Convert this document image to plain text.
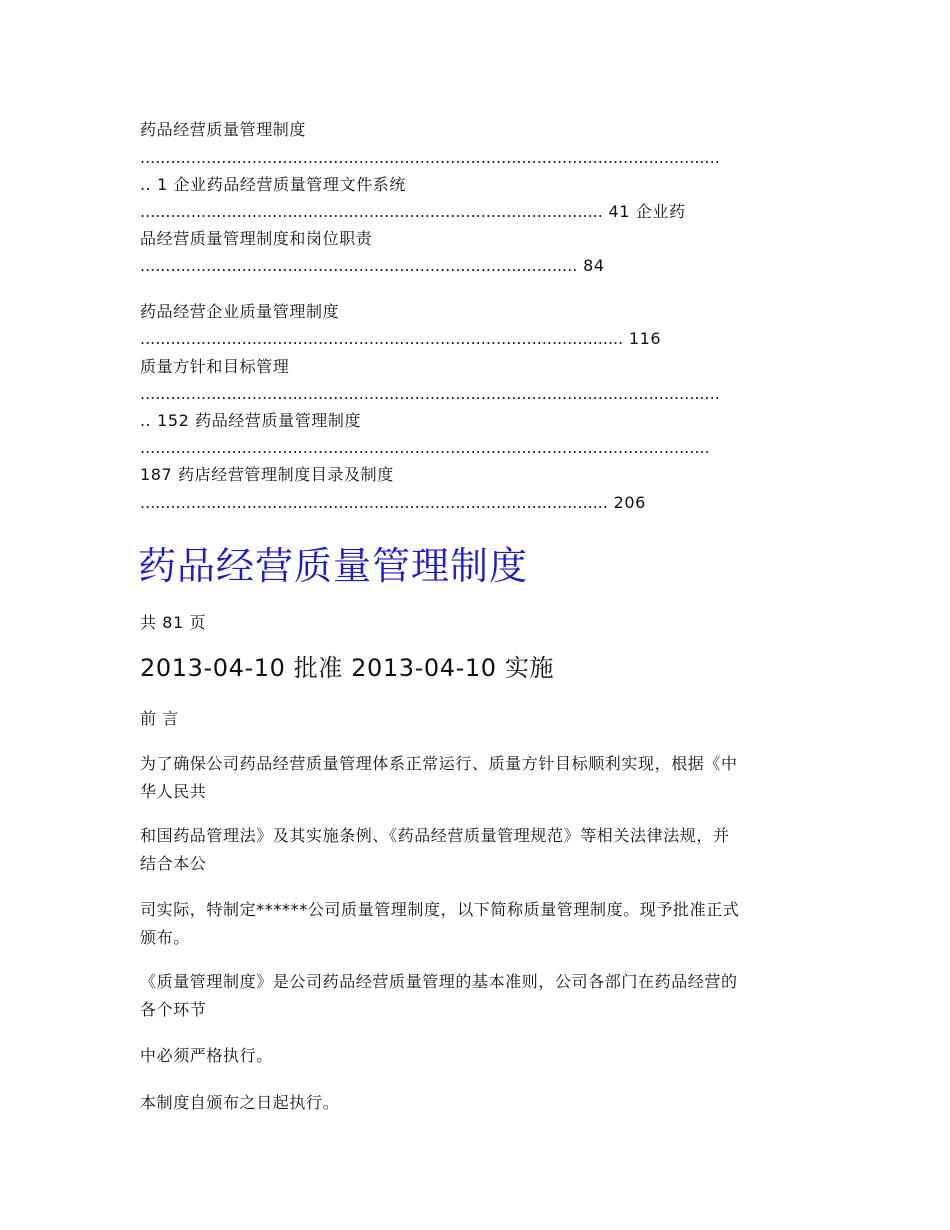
药品经营质量管理制度
..................................................................................................................
.. 1 企业药品经营质量管理文件系统
........................................................................................... 41 企业药
品经营质量管理制度和岗位职责
...................................................................................... 84
药品经营企业质量管理制度
............................................................................................... 116
质量方针和目标管理
..................................................................................................................
.. 152 药品经营质量管理制度
................................................................................................................
187 药店经营管理制度目录及制度
............................................................................................ 206
药品经营质量管理制度
共 81 页
2013-04-10 批准 2013-04-10 实施
前 言
为了确保公司药品经营质量管理体系正常运行、质量方针目标顺利实现，根据《中
华人民共
和国药品管理法》及其实施条例、《药品经营质量管理规范》等相关法律法规，并
结合本公
司实际，特制定******公司质量管理制度，以下简称质量管理制度。现予批准正式
颁布。
《质量管理制度》是公司药品经营质量管理的基本准则，公司各部门在药品经营的
各个环节
中必须严格执行。
本制度自颁布之日起执行。
